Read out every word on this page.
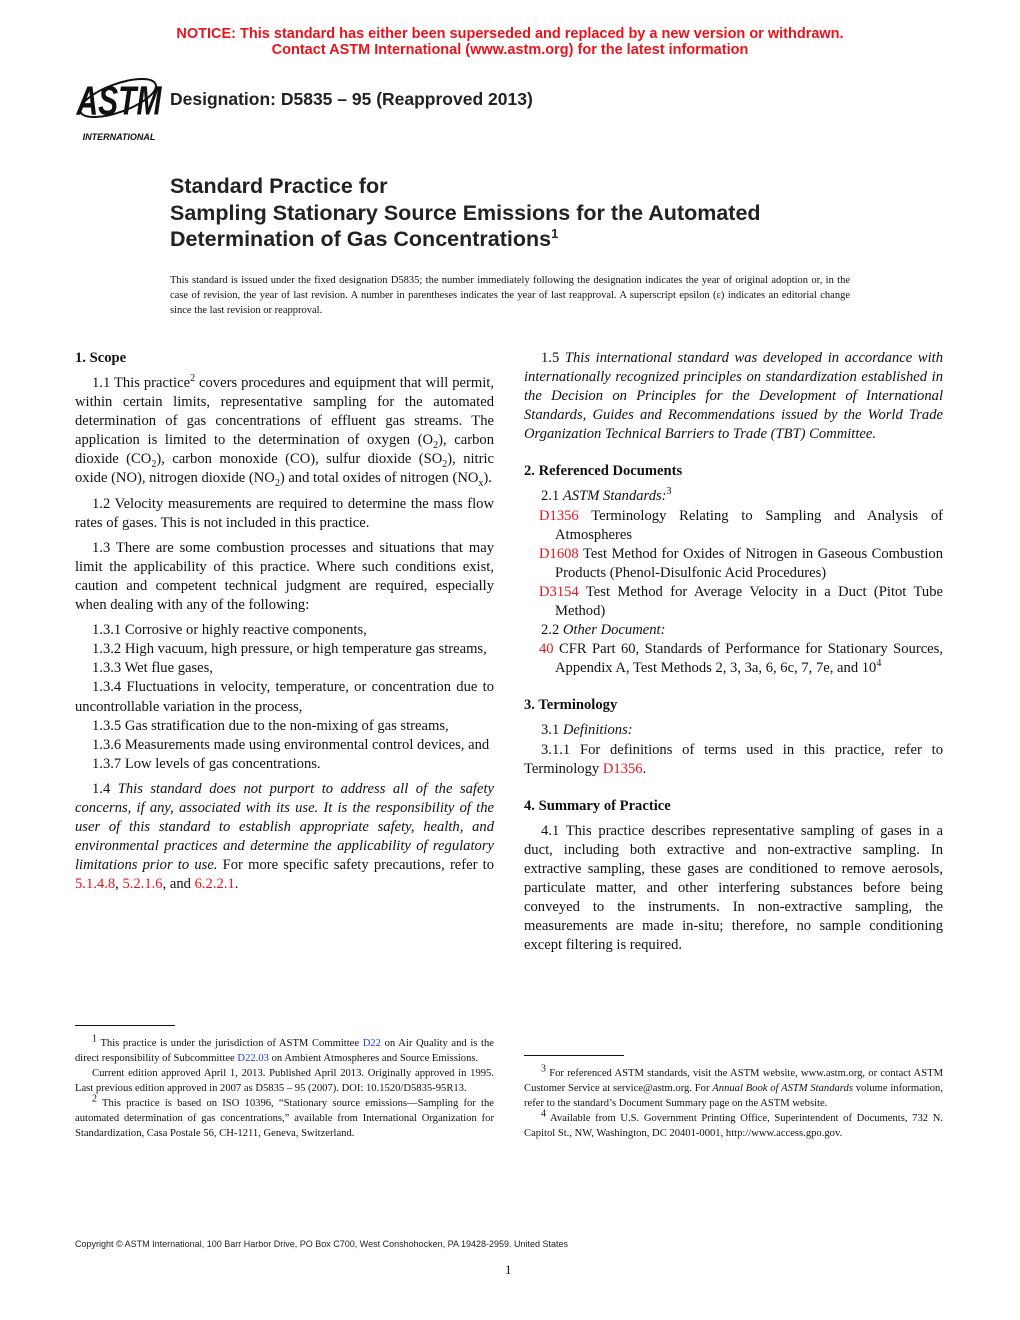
NOTICE: This standard has either been superseded and replaced by a new version or withdrawn.
Contact ASTM International (www.astm.org) for the latest information
ASTM
INTERNATIONAL
Designation: D5835 – 95 (Reapproved 2013)
Standard Practice for
Sampling Stationary Source Emissions for the Automated
Determination of Gas Concentrations$^1$
This standard is issued under the fixed designation D5835; the number immediately following the designation indicates the year of original adoption or, in the case of revision, the year of last revision. A number in parentheses indicates the year of last reapproval. A superscript epsilon (ε) indicates an editorial change since the last revision or reapproval.
1. Scope

1.1 This practice$^2$ covers procedures and equipment that will permit, within certain limits, representative sampling for the automated determination of gas concentrations of effluent gas streams. The application is limited to the determination of oxygen $(O_2)$, carbon dioxide $(CO_2)$, carbon monoxide (CO), sulfur dioxide $(SO_2)$, nitric oxide (NO), nitrogen dioxide $(NO_2)$ and total oxides of nitrogen $(NO_x)$.

1.2 Velocity measurements are required to determine the mass flow rates of gases. This is not included in this practice.

1.3 There are some combustion processes and situations that may limit the applicability of this practice. Where such conditions exist, caution and competent technical judgment are required, especially when dealing with any of the following:

1.3.1 Corrosive or highly reactive components,

1.3.2 High vacuum, high pressure, or high temperature gas streams,

1.3.3 Wet flue gases,

1.3.4 Fluctuations in velocity, temperature, or concentration due to uncontrollable variation in the process,

1.3.5 Gas stratification due to the non-mixing of gas streams,

1.3.6 Measurements made using environmental control devices, and

1.3.7 Low levels of gas concentrations.

1.4 This standard does not purport to address all of the safety concerns, if any, associated with its use. It is the responsibility of the user of this standard to establish appropriate safety, health, and environmental practices and determine the applicability of regulatory limitations prior to use. For more specific safety precautions, refer to 5.1.4.8, 5.2.1.6, and 6.2.2.1.

1.5 This international standard was developed in accordance with internationally recognized principles on standardization established in the Decision on Principles for the Development of International Standards, Guides and Recommendations issued by the World Trade Organization Technical Barriers to Trade (TBT) Committee.

2. Referenced Documents

2.1 ASTM Standards:$^3$

D1356 Terminology Relating to Sampling and Analysis of Atmospheres

D1608 Test Method for Oxides of Nitrogen in Gaseous Combustion Products (Phenol-Disulfonic Acid Procedures)

D3154 Test Method for Average Velocity in a Duct (Pitot Tube Method)

2.2 Other Document:

40 CFR Part 60, Standards of Performance for Stationary Sources, Appendix A, Test Methods 2, 3, 3a, 6, 6c, 7, 7e, and $10^4$

3. Terminology

3.1 Definitions:

3.1.1 For definitions of terms used in this practice, refer to Terminology D1356.

4. Summary of Practice

4.1 This practice describes representative sampling of gases in a duct, including both extractive and non-extractive sampling. In extractive sampling, these gases are conditioned to remove aerosols, particulate matter, and other interfering substances before being conveyed to the instruments. In non-extractive sampling, the measurements are made in-situ; therefore, no sample conditioning except filtering is required.

$^1$ This practice is under the jurisdiction of ASTM Committee D22 on Air Quality and is the direct responsibility of Subcommittee D22.03 on Ambient Atmospheres and Source Emissions.

Current edition approved April 1, 2013. Published April 2013. Originally approved in 1995. Last previous edition approved in 2007 as D5835 – 95 (2007). DOI: 10.1520/D5835-95R13.

$^2$ This practice is based on ISO 10396, “Stationary source emissions—Sampling for the automated determination of gas concentrations,” available from International Organization for Standardization, Casa Postale 56, CH-1211, Geneva, Switzerland.

$^3$ For referenced ASTM standards, visit the ASTM website, www.astm.org, or contact ASTM Customer Service at service@astm.org. For Annual Book of ASTM Standards volume information, refer to the standard’s Document Summary page on the ASTM website.

$^4$ Available from U.S. Government Printing Office, Superintendent of Documents, 732 N. Capitol St., NW, Washington, DC 20401-0001, http://www.access.gpo.gov.

Copyright © ASTM International, 100 Barr Harbor Drive, PO Box C700, West Conshohocken, PA 19428-2959. United States
1
